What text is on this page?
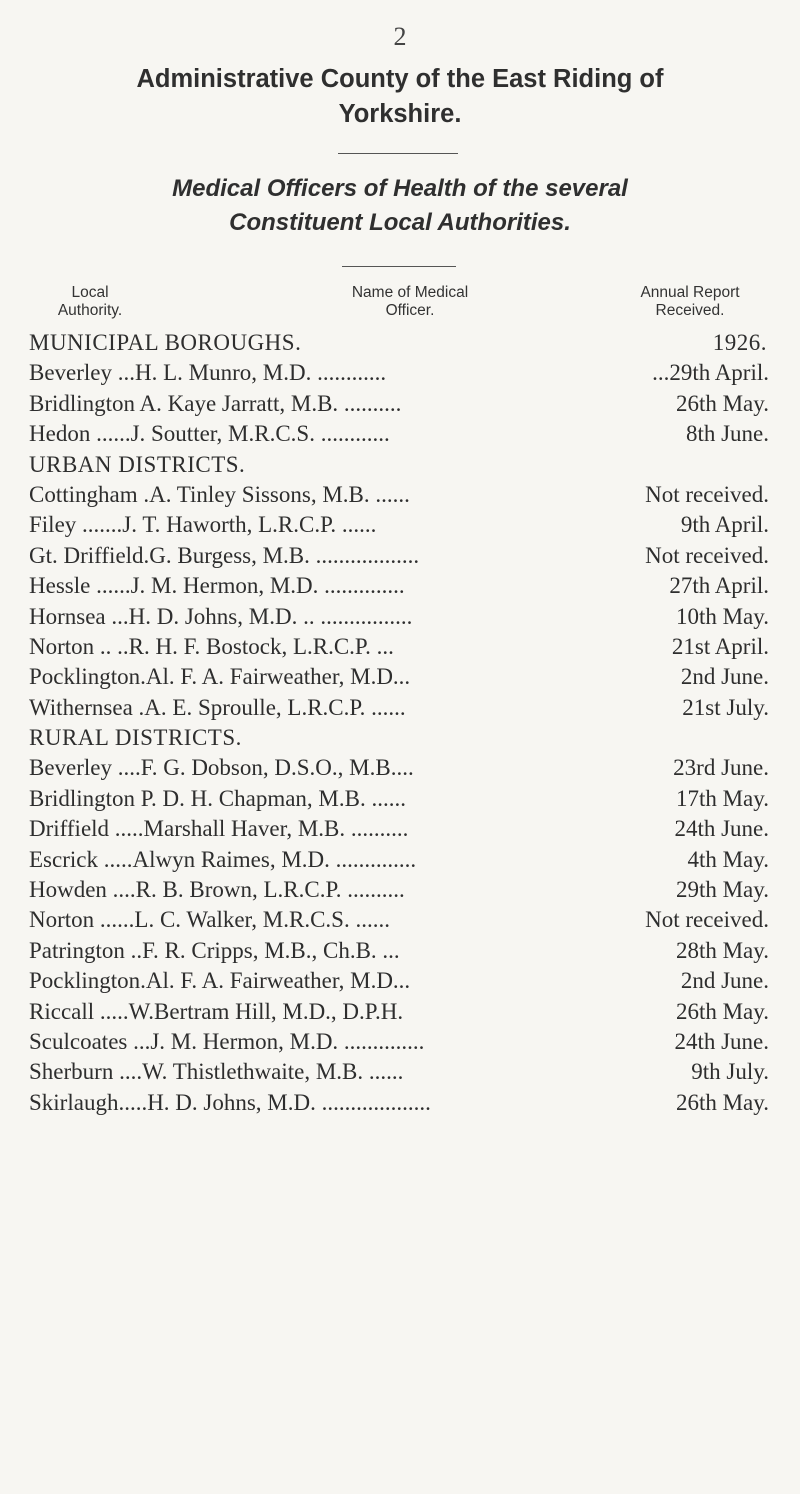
2
Administrative County of the East Riding of
Yorkshire.
Medical Officers of Health of the several
Constituent Local Authorities.
Local
Authority.
Name of Medical
Officer.
Annual Report
Received.
MUNICIPAL BOROUGHS.	1926.
Beverley ...H. L. Munro, M.D. ............	...29th April.
Bridlington A. Kaye Jarratt, M.B. ..........	26th May.
Hedon ......J. Soutter, M.R.C.S. ............	8th June.
URBAN DISTRICTS.
Cottingham .A. Tinley Sissons, M.B. ......	Not received.
Filey .......J. T. Haworth, L.R.C.P. ......	9th April.
Gt. Driffield.G. Burgess, M.B. ..................	Not received.
Hessle ......J. M. Hermon, M.D. ..............	27th April.
Hornsea ...H. D. Johns, M.D. .. ................	10th May.
Norton .. ..R. H. F. Bostock, L.R.C.P. ...	21st April.
Pocklington.Al. F. A. Fairweather, M.D...	2nd June.
Withernsea .A. E. Sproulle, L.R.C.P. ......	21st July.
RURAL DISTRICTS.
Beverley ....F. G. Dobson, D.S.O., M.B....	23rd June.
Bridlington P. D. H. Chapman, M.B. ......	17th May.
Driffield .....Marshall Haver, M.B. ..........	24th June.
Escrick .....Alwyn Raimes, M.D. ..............	4th May.
Howden ....R. B. Brown, L.R.C.P. ..........	29th May.
Norton ......L. C. Walker, M.R.C.S. ......	Not received.
Patrington ..F. R. Cripps, M.B., Ch.B. ...	28th May.
Pocklington.Al. F. A. Fairweather, M.D...	2nd June.
Riccall .....W.Bertram Hill, M.D., D.P.H.	26th May.
Sculcoates ...J. M. Hermon, M.D. ..............	24th June.
Sherburn ....W. Thistlethwaite, M.B. ......	9th July.
Skirlaugh.....H. D. Johns, M.D. ...................	26th May.
